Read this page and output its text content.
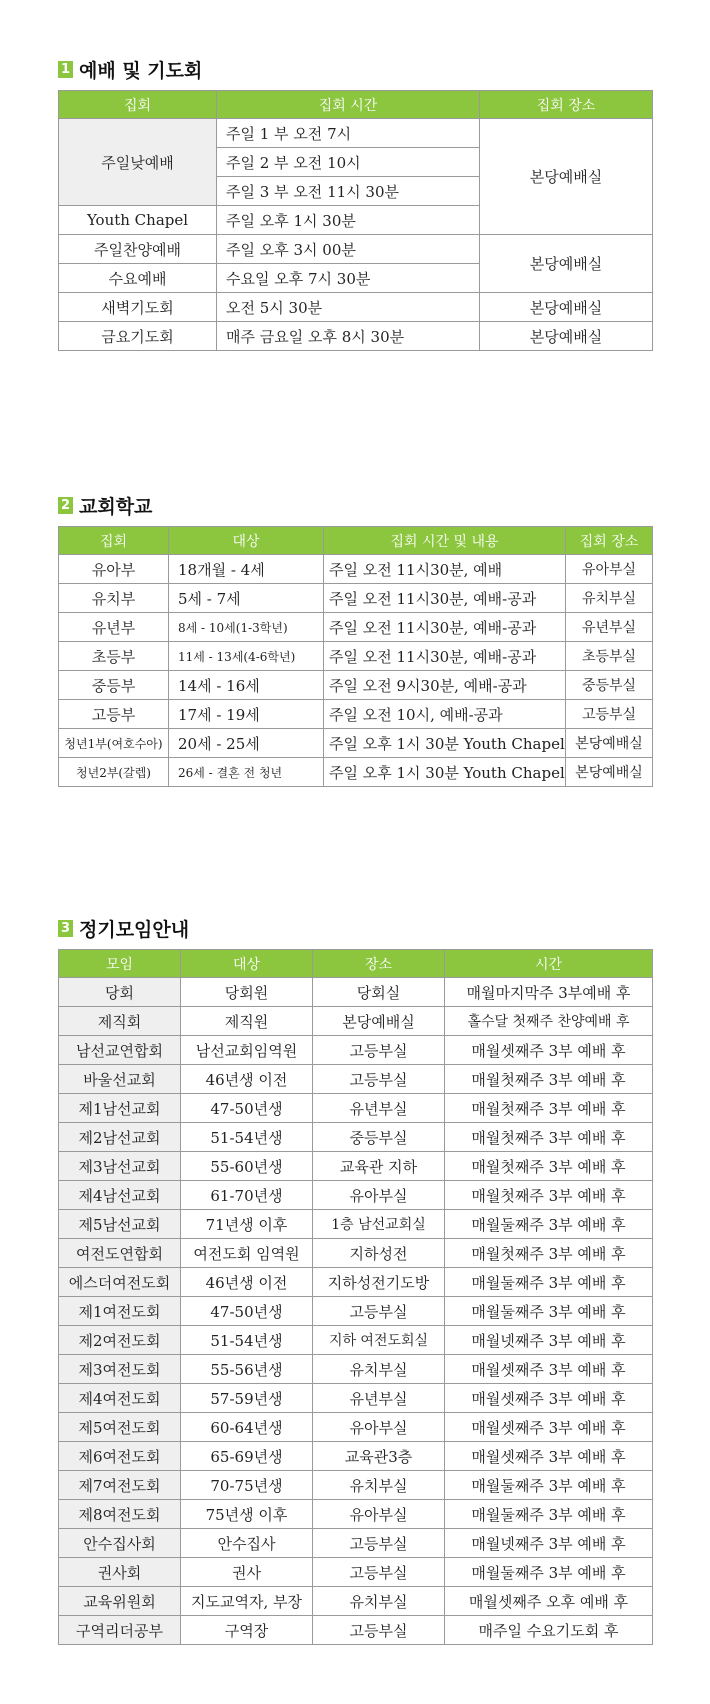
1 예배 및 기도회
집회	집회 시간	집회 장소
주일낮예배	주일 1 부 오전 7시	본당예배실
	주일 2 부 오전 10시	
	주일 3 부 오전 11시 30분	
Youth Chapel	주일 오후 1시 30분	
주일찬양예배	주일 오후 3시 00분	본당예배실
수요예배	수요일 오후 7시 30분	
새벽기도회	오전 5시 30분	본당예배실
금요기도회	매주 금요일 오후 8시 30분	본당예배실
2 교회학교
집회	대상	집회 시간 및 내용	집회 장소
유아부	18개월 - 4세	주일 오전 11시30분, 예배	유아부실
유치부	5세 - 7세	주일 오전 11시30분, 예배-공과	유치부실
유년부	8세 - 10세(1-3학년)	주일 오전 11시30분, 예배-공과	유년부실
초등부	11세 - 13세(4-6학년)	주일 오전 11시30분, 예배-공과	초등부실
중등부	14세 - 16세	주일 오전 9시30분, 예배-공과	중등부실
고등부	17세 - 19세	주일 오전 10시, 예배-공과	고등부실
청년1부(여호수아)	20세 - 25세	주일 오후 1시 30분 Youth Chapel	본당예배실
청년2부(갈렙)	26세 - 결혼 전 청년	주일 오후 1시 30분 Youth Chapel	본당예배실
3 정기모임안내
모임	대상	장소	시간
당회	당회원	당회실	매월마지막주 3부예배 후
제직회	제직원	본당예배실	홀수달 첫째주 찬양예배 후
남선교연합회	남선교회임역원	고등부실	매월셋째주 3부 예배 후
바울선교회	46년생 이전	고등부실	매월첫째주 3부 예배 후
제1남선교회	47-50년생	유년부실	매월첫째주 3부 예배 후
제2남선교회	51-54년생	중등부실	매월첫째주 3부 예배 후
제3남선교회	55-60년생	교육관 지하	매월첫째주 3부 예배 후
제4남선교회	61-70년생	유아부실	매월첫째주 3부 예배 후
제5남선교회	71년생 이후	1층 남선교회실	매월둘째주 3부 예배 후
여전도연합회	여전도회 임역원	지하성전	매월첫째주 3부 예배 후
에스더여전도회	46년생 이전	지하성전기도방	매월둘째주 3부 예배 후
제1여전도회	47-50년생	고등부실	매월둘째주 3부 예배 후
제2여전도회	51-54년생	지하 여전도회실	매월넷째주 3부 예배 후
제3여전도회	55-56년생	유치부실	매월셋째주 3부 예배 후
제4여전도회	57-59년생	유년부실	매월셋째주 3부 예배 후
제5여전도회	60-64년생	유아부실	매월셋째주 3부 예배 후
제6여전도회	65-69년생	교육관3층	매월셋째주 3부 예배 후
제7여전도회	70-75년생	유치부실	매월둘째주 3부 예배 후
제8여전도회	75년생 이후	유아부실	매월둘째주 3부 예배 후
안수집사회	안수집사	고등부실	매월넷째주 3부 예배 후
권사회	권사	고등부실	매월둘째주 3부 예배 후
교육위원회	지도교역자, 부장	유치부실	매월셋째주 오후 예배 후
구역리더공부	구역장	고등부실	매주일 수요기도회 후
